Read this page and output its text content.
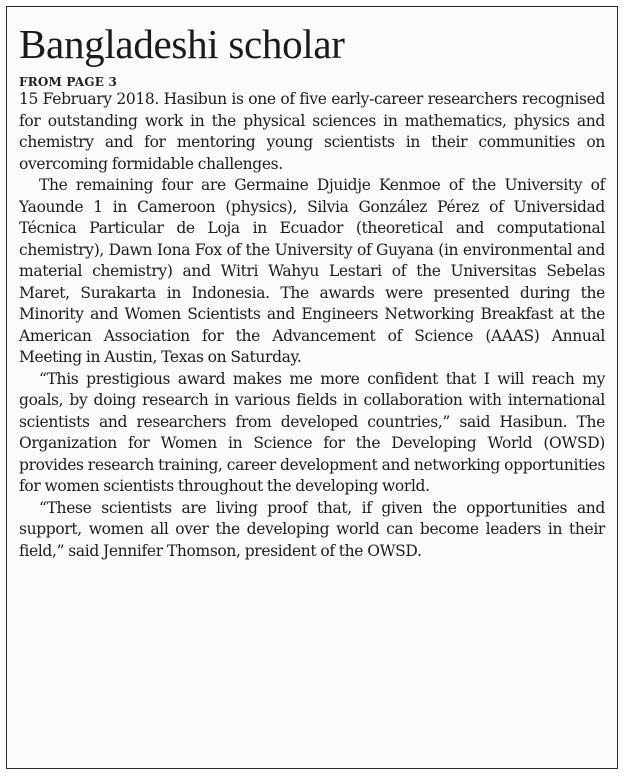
Bangladeshi scholar

FROM PAGE 3

15 February 2018. Hasibun is one of five early-career researchers recognised for outstanding work in the physical sciences in mathematics, physics and chemistry and for mentoring young scientists in their communities on overcoming formidable challenges.

The remaining four are Germaine Djuidje Kenmoe of the University of Yaounde 1 in Cameroon (physics), Silvia González Pérez of Universidad Técnica Particular de Loja in Ecuador (theoretical and computational chemistry), Dawn Iona Fox of the University of Guyana (in environmental and material chemistry) and Witri Wahyu Lestari of the Universitas Sebelas Maret, Surakarta in Indonesia. The awards were presented during the Minority and Women Scientists and Engineers Networking Breakfast at the American Association for the Advancement of Science (AAAS) Annual Meeting in Austin, Texas on Saturday.

“This prestigious award makes me more confident that I will reach my goals, by doing research in various fields in collaboration with international scientists and researchers from developed countries,” said Hasibun. The Organization for Women in Science for the Developing World (OWSD) provides research training, career development and networking opportunities for women scientists throughout the developing world.

“These scientists are living proof that, if given the opportunities and support, women all over the developing world can become leaders in their field,” said Jennifer Thomson, president of the OWSD.
